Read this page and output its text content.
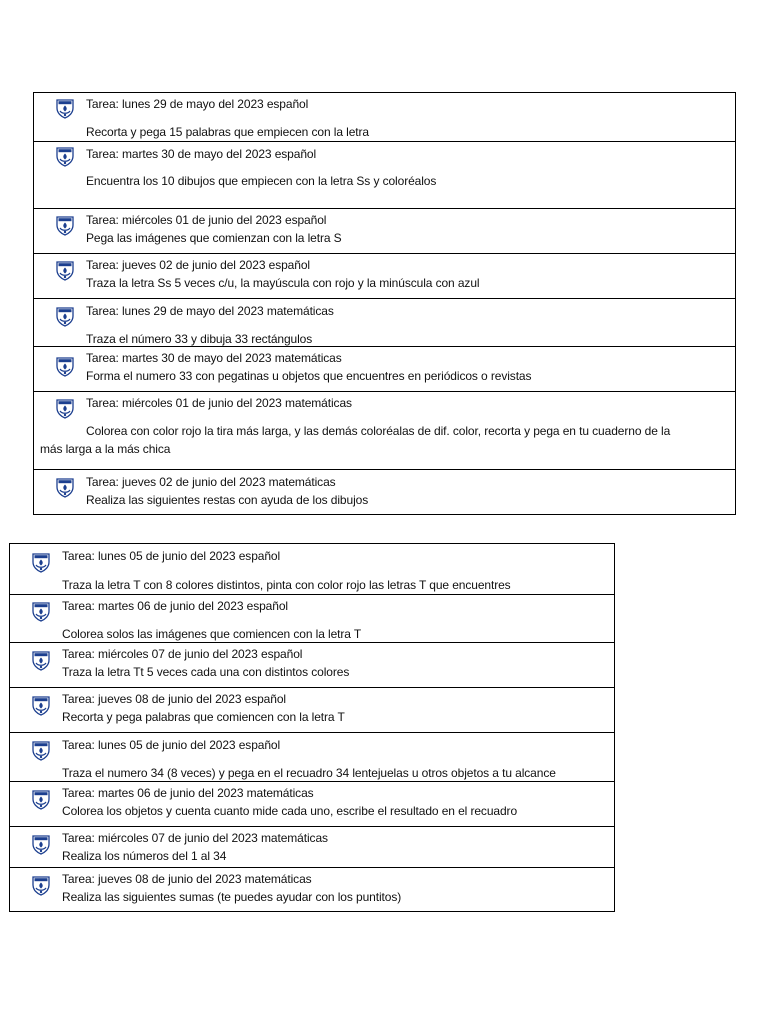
Tarea: lunes 29 de mayo del 2023 español
Recorta y pega 15 palabras que empiecen con la letra
Tarea: martes 30 de mayo del 2023 español
Encuentra los 10 dibujos que empiecen con la letra Ss y coloréalos
Tarea: miércoles 01 de junio del 2023 español
Pega las imágenes que comienzan con la letra S
Tarea: jueves 02 de junio del 2023 español
Traza la letra Ss 5 veces c/u, la mayúscula con rojo y la minúscula con azul
Tarea: lunes 29 de mayo del 2023 matemáticas
Traza el número 33 y dibuja 33 rectángulos
Tarea: martes 30 de mayo del 2023 matemáticas
Forma el numero 33 con pegatinas u objetos que encuentres en periódicos o revistas
Tarea: miércoles 01 de junio del 2023 matemáticas
Colorea con color rojo la tira más larga, y las demás coloréalas de dif. color, recorta y pega en tu cuaderno de la
más larga a la más chica
Tarea: jueves 02 de junio del 2023 matemáticas
Realiza las siguientes restas con ayuda de los dibujos
Tarea: lunes 05 de junio del 2023 español
Traza la letra T con 8 colores distintos, pinta con color rojo las letras T que encuentres
Tarea: martes 06 de junio del 2023 español
Colorea solos las imágenes que comiencen con la letra T
Tarea: miércoles 07 de junio del 2023 español
Traza la letra Tt 5 veces cada una con distintos colores
Tarea: jueves 08 de junio del 2023 español
Recorta y pega palabras que comiencen con la letra T
Tarea: lunes 05 de junio del 2023 español
Traza el numero 34 (8 veces) y pega en el recuadro 34 lentejuelas u otros objetos a tu alcance
Tarea: martes 06 de junio del 2023 matemáticas
Colorea los objetos y cuenta cuanto mide cada uno, escribe el resultado en el recuadro
Tarea: miércoles 07 de junio del 2023 matemáticas
Realiza los números del 1 al 34
Tarea: jueves 08 de junio del 2023 matemáticas
Realiza las siguientes sumas (te puedes ayudar con los puntitos)
